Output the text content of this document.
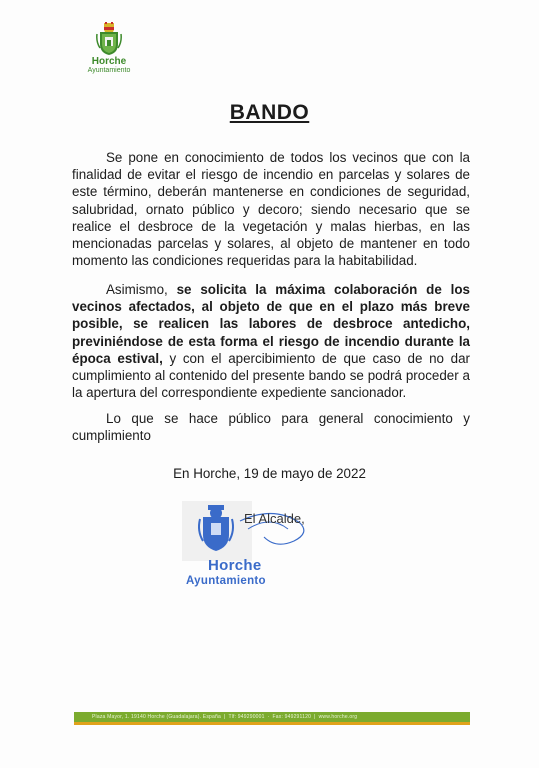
Horche
Ayuntamiento
BANDO

Se pone en conocimiento de todos los vecinos que con la finalidad de evitar el riesgo de incendio en parcelas y solares de este término, deberán mantenerse en condiciones de seguridad, salubridad, ornato público y decoro; siendo necesario que se realice el desbroce de la vegetación y malas hierbas, en las mencionadas parcelas y solares, al objeto de mantener en todo momento las condiciones requeridas para la habitabilidad.

Asimismo, se solicita la máxima colaboración de los vecinos afectados, al objeto de que en el plazo más breve posible, se realicen las labores de desbroce antedicho, previniéndose de esta forma el riesgo de incendio durante la época estival, y con el apercibimiento de que caso de no dar cumplimiento al contenido del presente bando se podrá proceder a la apertura del correspondiente expediente sancionador.

Lo que se hace público para general conocimiento y cumplimiento

En Horche, 19 de mayo de 2022
El Alcalde,
Horche
Ayuntamiento
Plaza Mayor, 1. 19140 Horche (Guadalajara). España | Tlf: 949290001 · Fax: 949291120 | www.horche.org
